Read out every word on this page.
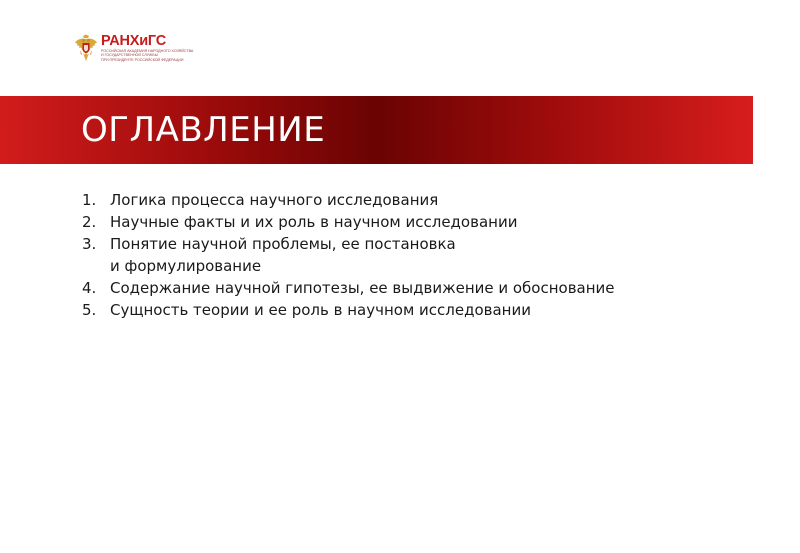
РАНХиГС
РОССИЙСКАЯ АКАДЕМИЯ НАРОДНОГО ХОЗЯЙСТВА
И ГОСУДАРСТВЕННОЙ СЛУЖБЫ
ПРИ ПРЕЗИДЕНТЕ РОССИЙСКОЙ ФЕДЕРАЦИИ
ОГЛАВЛЕНИЕ
1. Логика процесса научного исследования
2. Научные факты и их роль в научном исследовании
3. Понятие научной проблемы, ее постановка
и формулирование
4. Содержание научной гипотезы, ее выдвижение и обоснование
5. Сущность теории и ее роль в научном исследовании
